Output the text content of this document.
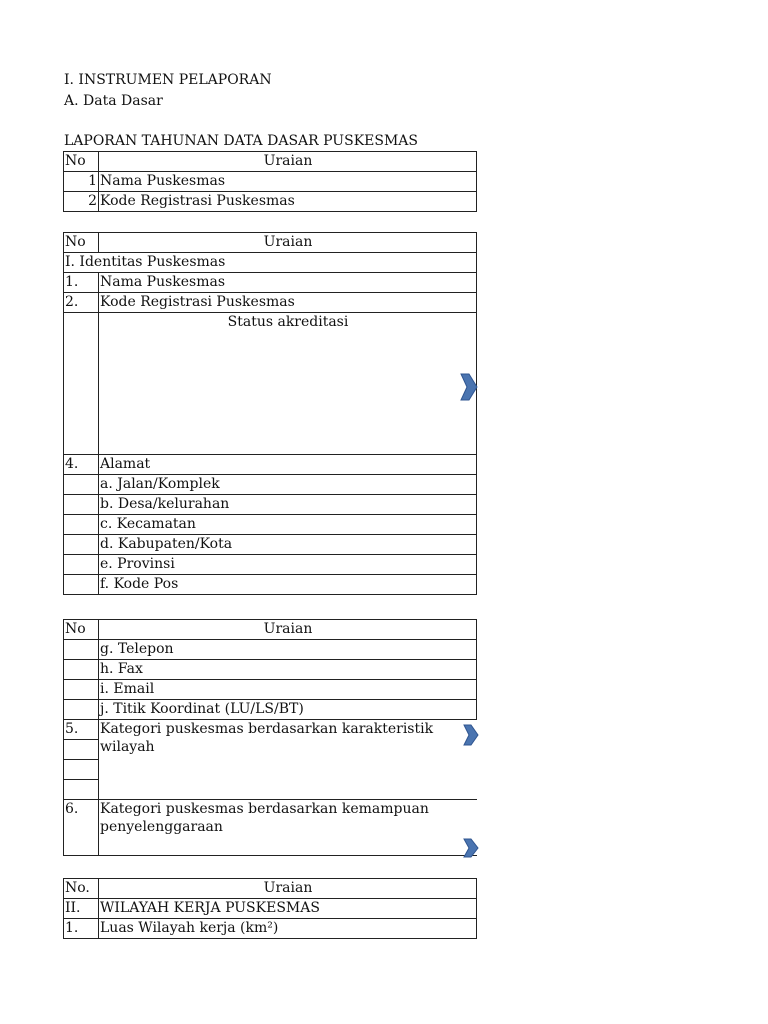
I. INSTRUMEN PELAPORAN
A. Data Dasar
LAPORAN TAHUNAN DATA DASAR PUSKESMAS
No	Uraian
1	Nama Puskesmas
2	Kode Registrasi Puskesmas
No	Uraian
I. Identitas Puskesmas	
1.	Nama Puskesmas
2.	Kode Registrasi Puskesmas
	Status akreditasi
4.	Alamat
	a. Jalan/Komplek
	b. Desa/kelurahan
	c. Kecamatan
	d. Kabupaten/Kota
	e. Provinsi
	f. Kode Pos
No	Uraian
	g. Telepon
	h. Fax
	i. Email
	j. Titik Koordinat (LU/LS/BT)
5.	Kategori puskesmas berdasarkan karakteristik wilayah

6.	Kategori puskesmas berdasarkan kemampuan penyelenggaraan

No.	Uraian
II.	WILAYAH KERJA PUSKESMAS
1.	Luas Wilayah kerja (km²)
